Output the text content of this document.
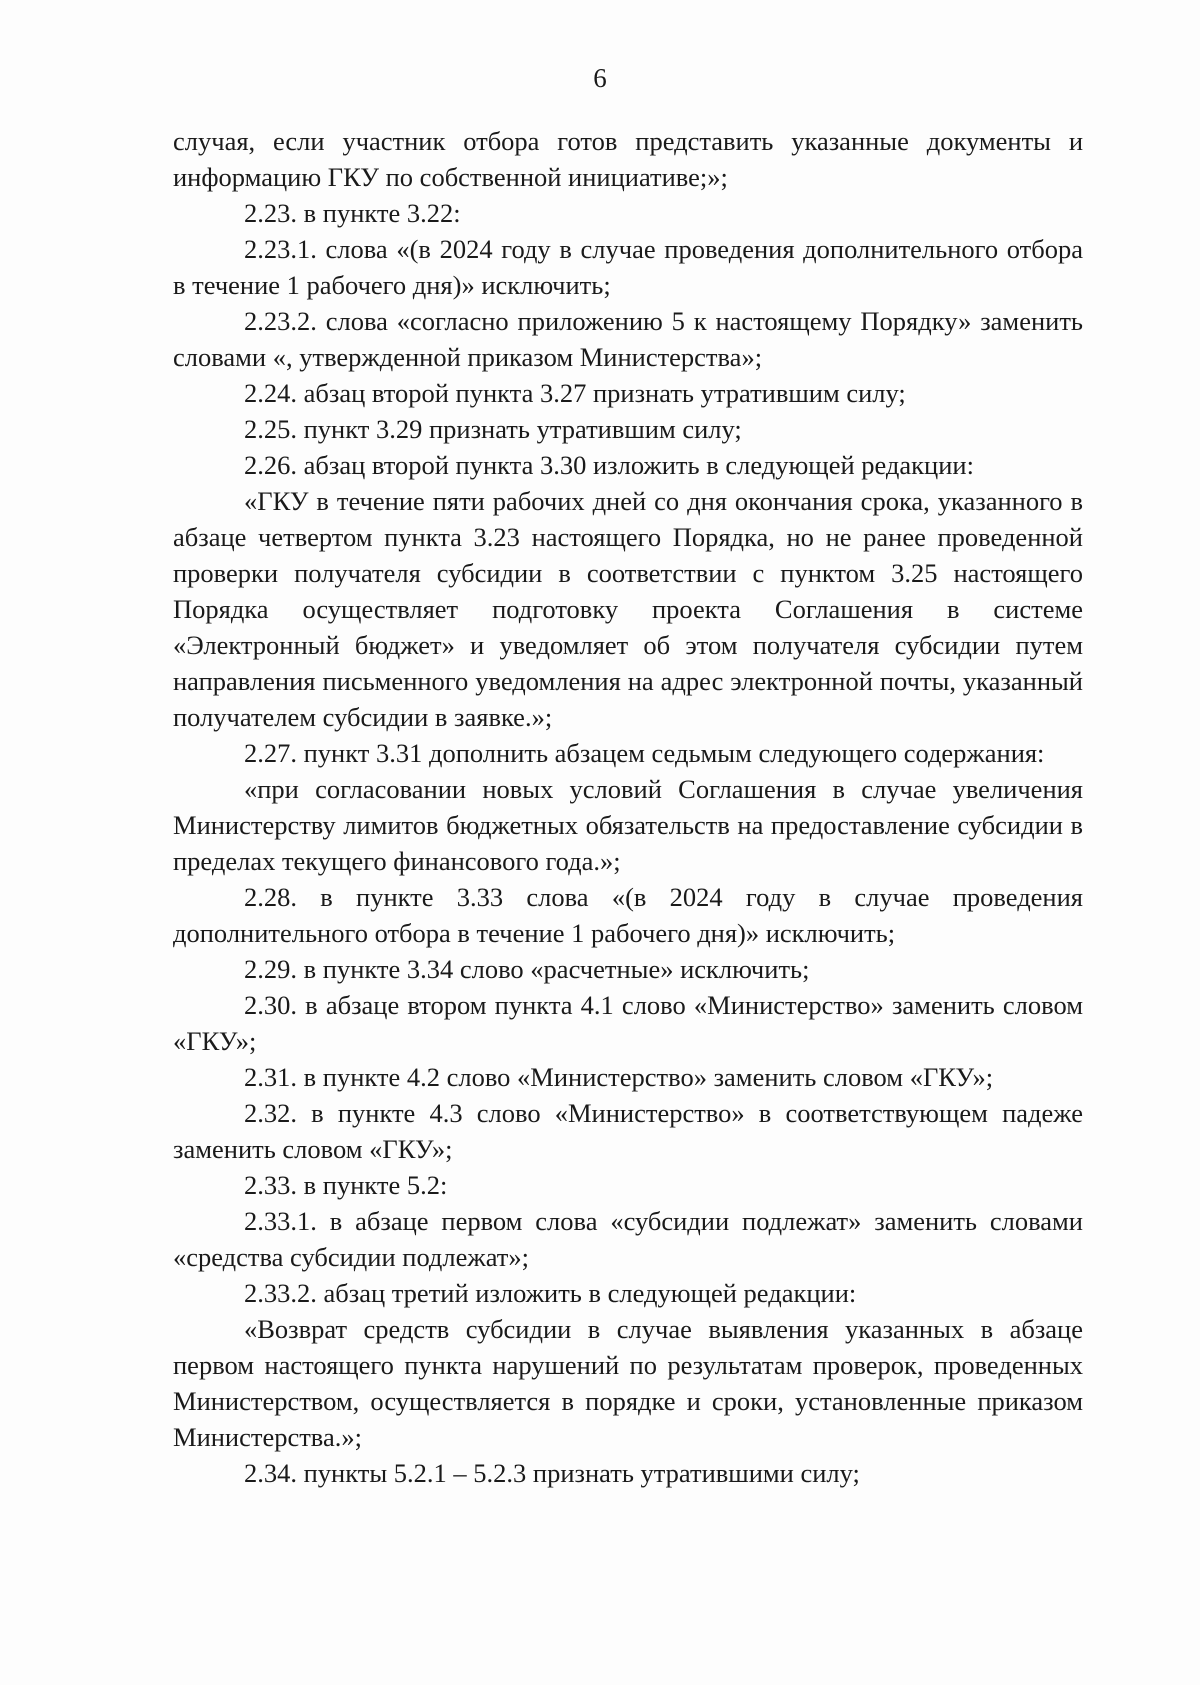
6

случая, если участник отбора готов представить указанные документы и информацию ГКУ по собственной инициативе;»;

2.23. в пункте 3.22:

2.23.1. слова «(в 2024 году в случае проведения дополнительного отбора в течение 1 рабочего дня)» исключить;

2.23.2. слова «согласно приложению 5 к настоящему Порядку» заменить словами «, утвержденной приказом Министерства»;

2.24. абзац второй пункта 3.27 признать утратившим силу;

2.25. пункт 3.29 признать утратившим силу;

2.26. абзац второй пункта 3.30 изложить в следующей редакции:

«ГКУ в течение пяти рабочих дней со дня окончания срока, указанного в абзаце четвертом пункта 3.23 настоящего Порядка, но не ранее проведенной проверки получателя субсидии в соответствии с пунктом 3.25 настоящего Порядка осуществляет подготовку проекта Соглашения в системе «Электронный бюджет» и уведомляет об этом получателя субсидии путем направления письменного уведомления на адрес электронной почты, указанный получателем субсидии в заявке.»;

2.27. пункт 3.31 дополнить абзацем седьмым следующего содержания:

«при согласовании новых условий Соглашения в случае увеличения Министерству лимитов бюджетных обязательств на предоставление субсидии в пределах текущего финансового года.»;

2.28. в пункте 3.33 слова «(в 2024 году в случае проведения дополнительного отбора в течение 1 рабочего дня)» исключить;

2.29. в пункте 3.34 слово «расчетные» исключить;

2.30. в абзаце втором пункта 4.1 слово «Министерство» заменить словом «ГКУ»;

2.31. в пункте 4.2 слово «Министерство» заменить словом «ГКУ»;

2.32. в пункте 4.3 слово «Министерство» в соответствующем падеже заменить словом «ГКУ»;

2.33. в пункте 5.2:

2.33.1. в абзаце первом слова «субсидии подлежат» заменить словами «средства субсидии подлежат»;

2.33.2. абзац третий изложить в следующей редакции:

«Возврат средств субсидии в случае выявления указанных в абзаце первом настоящего пункта нарушений по результатам проверок, проведенных Министерством, осуществляется в порядке и сроки, установленные приказом Министерства.»;

2.34. пункты 5.2.1 – 5.2.3 признать утратившими силу;
